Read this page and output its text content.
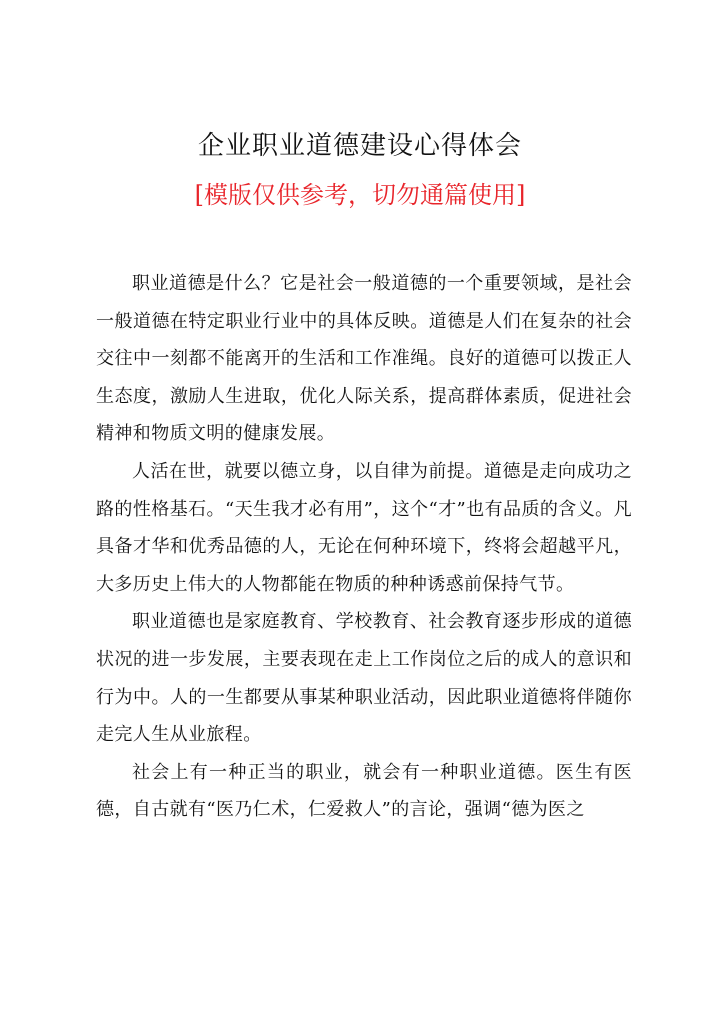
企业职业道德建设心得体会

[模版仅供参考，切勿通篇使用]

职业道德是什么？它是社会一般道德的一个重要领域，是社会一般道德在特定职业行业中的具体反映。道德是人们在复杂的社会交往中一刻都不能离开的生活和工作准绳。良好的道德可以拨正人生态度，激励人生进取，优化人际关系，提高群体素质，促进社会精神和物质文明的健康发展。

人活在世，就要以德立身，以自律为前提。道德是走向成功之路的性格基石。“天生我才必有用”，这个“才”也有品质的含义。凡具备才华和优秀品德的人，无论在何种环境下，终将会超越平凡，大多历史上伟大的人物都能在物质的种种诱惑前保持气节。

职业道德也是家庭教育、学校教育、社会教育逐步形成的道德状况的进一步发展，主要表现在走上工作岗位之后的成人的意识和行为中。人的一生都要从事某种职业活动，因此职业道德将伴随你走完人生从业旅程。

社会上有一种正当的职业，就会有一种职业道德。医生有医德，自古就有“医乃仁术，仁爱救人”的言论，强调“德为医之
